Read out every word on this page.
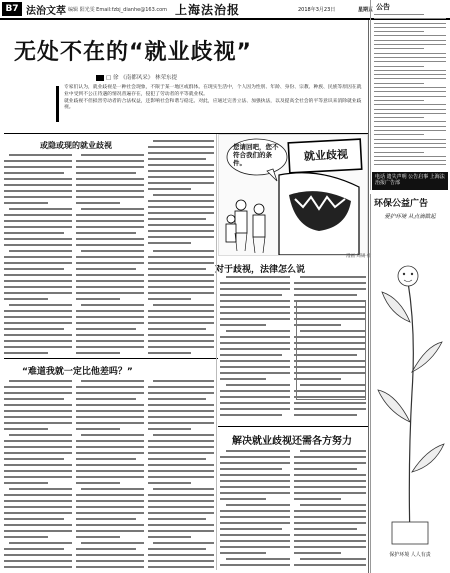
B7 法治文萃 编辑 阳光雯 Email:fzbj_dianhe@163.com 上海法治报	2018年3月23日	星期五
无处不在的“就业歧视”
□ 徐 《南都风采》 林荣东提

专家们认为，就业歧视是一种社会现象，不限于某一地区或群体。在现实生活中，个人因为性别、年龄、身份、宗教、种族、民族等原因在就业中受到不公正待遇的情况普遍存在，侵犯了劳动者的平等就业权。

就业歧视不但损害劳动者的合法权益，还影响社会和谐与稳定。对此，应通过完善立法、加强执法，以及提高全社会的平等意识来消除就业歧视。

或隐或现的就业歧视	您请回吧，您不符合我们的条件。	就业歧视
漫画 周锡 作
对于歧视，法律怎么说
“难道我就一定比他差吗？”
解决就业歧视还需各方努力
公告
电话 遗失声明 公告启事 上海法治报广告部
环保公益广告
爱护环境 从点滴做起
保护环境 人人有责
